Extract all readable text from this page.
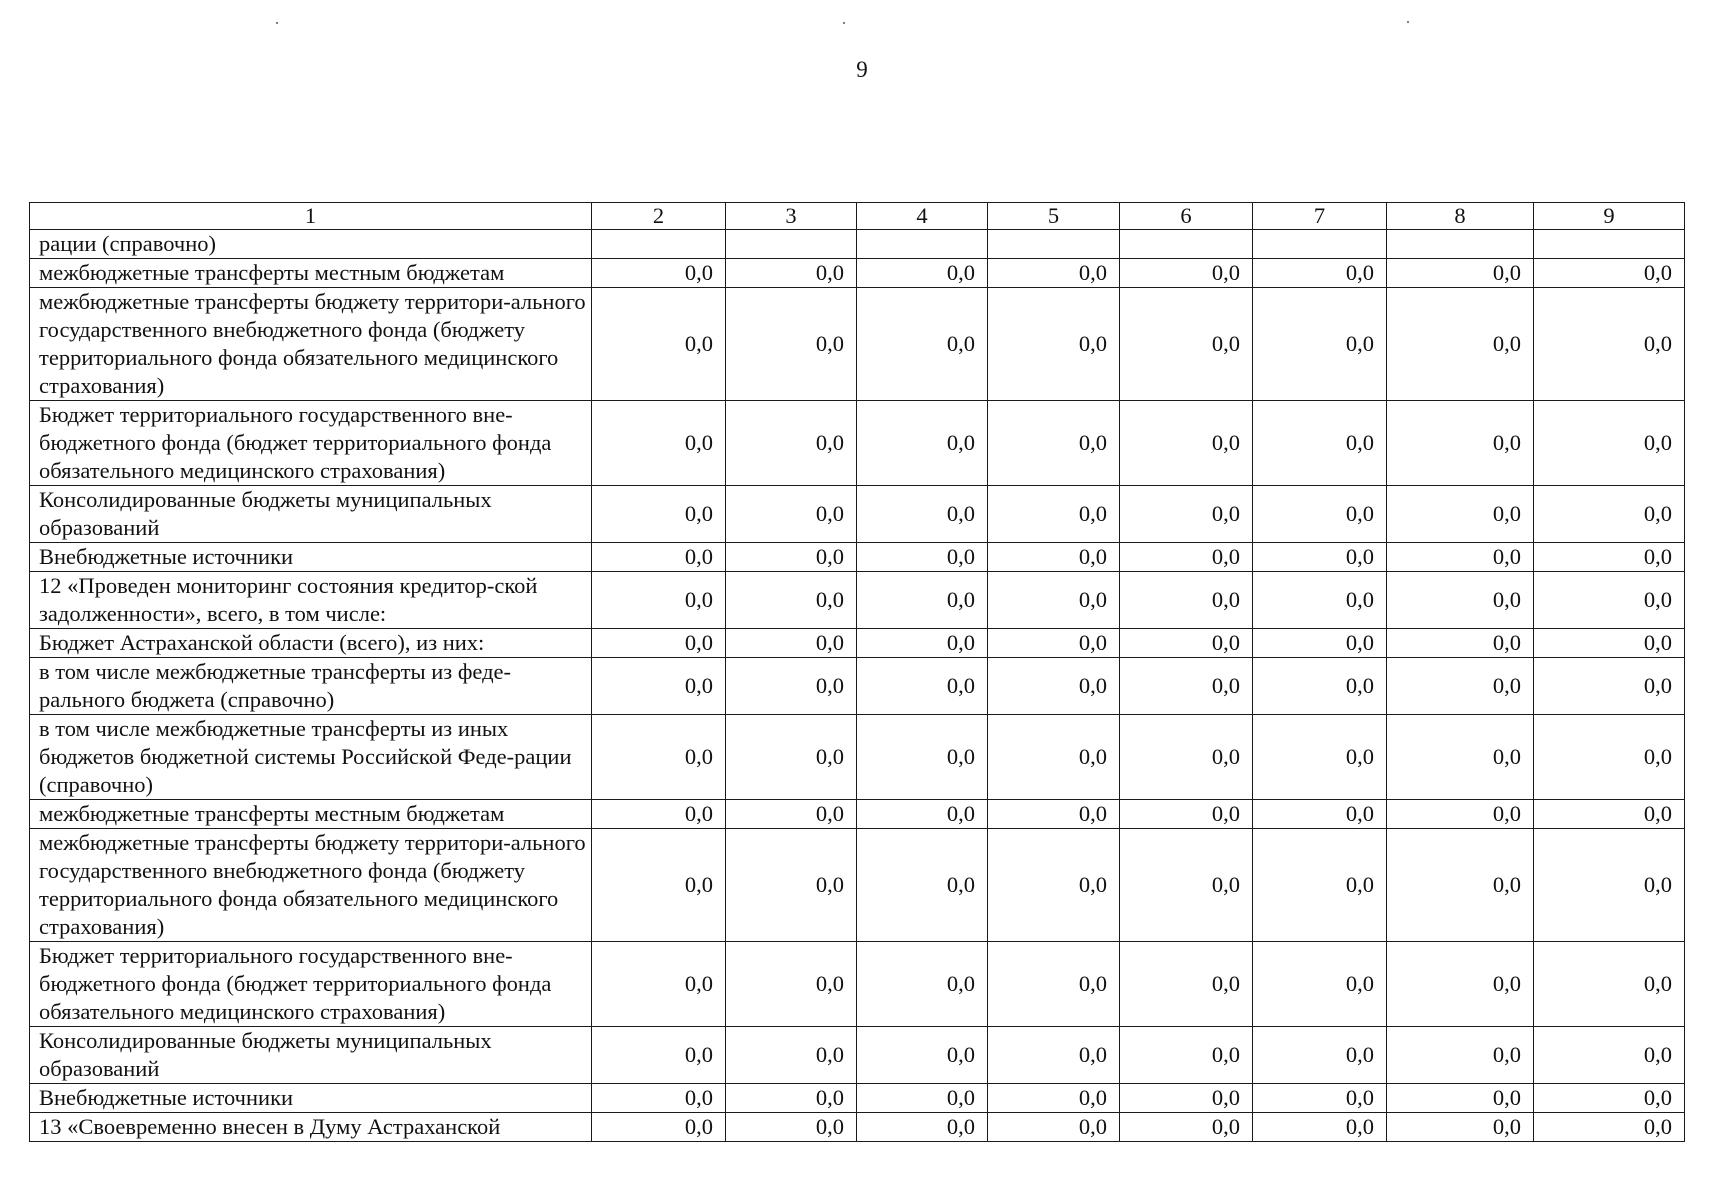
9
1	2	3	4	5	6	7	8	9
рации (справочно)								
межбюджетные трансферты местным бюджетам	0,0	0,0	0,0	0,0	0,0	0,0	0,0	0,0
межбюджетные трансферты бюджету территори-ального государственного внебюджетного фонда (бюджету территориального фонда обязательного медицинского страхования)	0,0	0,0	0,0	0,0	0,0	0,0	0,0	0,0
Бюджет территориального государственного вне-бюджетного фонда (бюджет территориального фонда обязательного медицинского страхования)	0,0	0,0	0,0	0,0	0,0	0,0	0,0	0,0
Консолидированные бюджеты муниципальных образований	0,0	0,0	0,0	0,0	0,0	0,0	0,0	0,0
Внебюджетные источники	0,0	0,0	0,0	0,0	0,0	0,0	0,0	0,0
12 «Проведен мониторинг состояния кредитор-ской задолженности», всего, в том числе:	0,0	0,0	0,0	0,0	0,0	0,0	0,0	0,0
Бюджет Астраханской области (всего), из них:	0,0	0,0	0,0	0,0	0,0	0,0	0,0	0,0
в том числе межбюджетные трансферты из феде-рального бюджета (справочно)	0,0	0,0	0,0	0,0	0,0	0,0	0,0	0,0
в том числе межбюджетные трансферты из иных бюджетов бюджетной системы Российской Феде-рации (справочно)	0,0	0,0	0,0	0,0	0,0	0,0	0,0	0,0
межбюджетные трансферты местным бюджетам	0,0	0,0	0,0	0,0	0,0	0,0	0,0	0,0
межбюджетные трансферты бюджету территори-ального государственного внебюджетного фонда (бюджету территориального фонда обязательного медицинского страхования)	0,0	0,0	0,0	0,0	0,0	0,0	0,0	0,0
Бюджет территориального государственного вне-бюджетного фонда (бюджет территориального фонда обязательного медицинского страхования)	0,0	0,0	0,0	0,0	0,0	0,0	0,0	0,0
Консолидированные бюджеты муниципальных образований	0,0	0,0	0,0	0,0	0,0	0,0	0,0	0,0
Внебюджетные источники	0,0	0,0	0,0	0,0	0,0	0,0	0,0	0,0
13 «Своевременно внесен в Думу Астраханской	0,0	0,0	0,0	0,0	0,0	0,0	0,0	0,0
